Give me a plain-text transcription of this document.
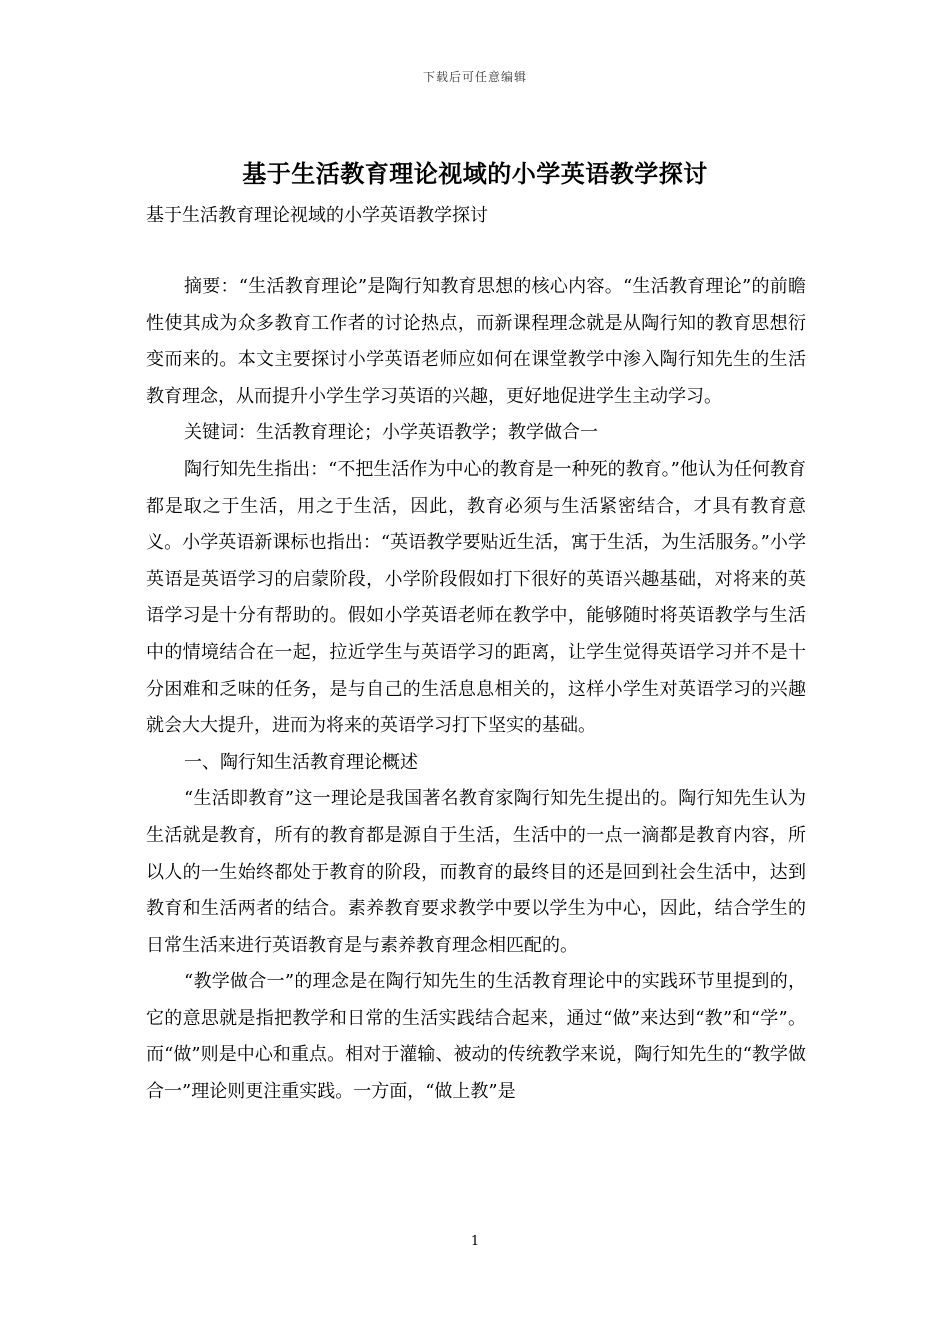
下载后可任意编辑
基于生活教育理论视域的小学英语教学探讨
基于生活教育理论视域的小学英语教学探讨

摘要：“生活教育理论”是陶行知教育思想的核心内容。“生活教育理论”的前瞻性使其成为众多教育工作者的讨论热点，而新课程理念就是从陶行知的教育思想衍变而来的。本文主要探讨小学英语老师应如何在课堂教学中渗入陶行知先生的生活教育理念，从而提升小学生学习英语的兴趣，更好地促进学生主动学习。

关键词：生活教育理论；小学英语教学；教学做合一

陶行知先生指出：“不把生活作为中心的教育是一种死的教育。”他认为任何教育都是取之于生活，用之于生活，因此，教育必须与生活紧密结合，才具有教育意义。小学英语新课标也指出：“英语教学要贴近生活，寓于生活，为生活服务。”小学英语是英语学习的启蒙阶段，小学阶段假如打下很好的英语兴趣基础，对将来的英语学习是十分有帮助的。假如小学英语老师在教学中，能够随时将英语教学与生活中的情境结合在一起，拉近学生与英语学习的距离，让学生觉得英语学习并不是十分困难和乏味的任务，是与自己的生活息息相关的，这样小学生对英语学习的兴趣就会大大提升，进而为将来的英语学习打下坚实的基础。

一、陶行知生活教育理论概述

“生活即教育”这一理论是我国著名教育家陶行知先生提出的。陶行知先生认为生活就是教育，所有的教育都是源自于生活，生活中的一点一滴都是教育内容，所以人的一生始终都处于教育的阶段，而教育的最终目的还是回到社会生活中，达到教育和生活两者的结合。素养教育要求教学中要以学生为中心，因此，结合学生的日常生活来进行英语教育是与素养教育理念相匹配的。

“教学做合一”的理念是在陶行知先生的生活教育理论中的实践环节里提到的，它的意思就是指把教学和日常的生活实践结合起来，通过“做”来达到“教”和“学”。而“做”则是中心和重点。相对于灌输、被动的传统教学来说，陶行知先生的“教学做合一”理论则更注重实践。一方面，“做上教”是

1
